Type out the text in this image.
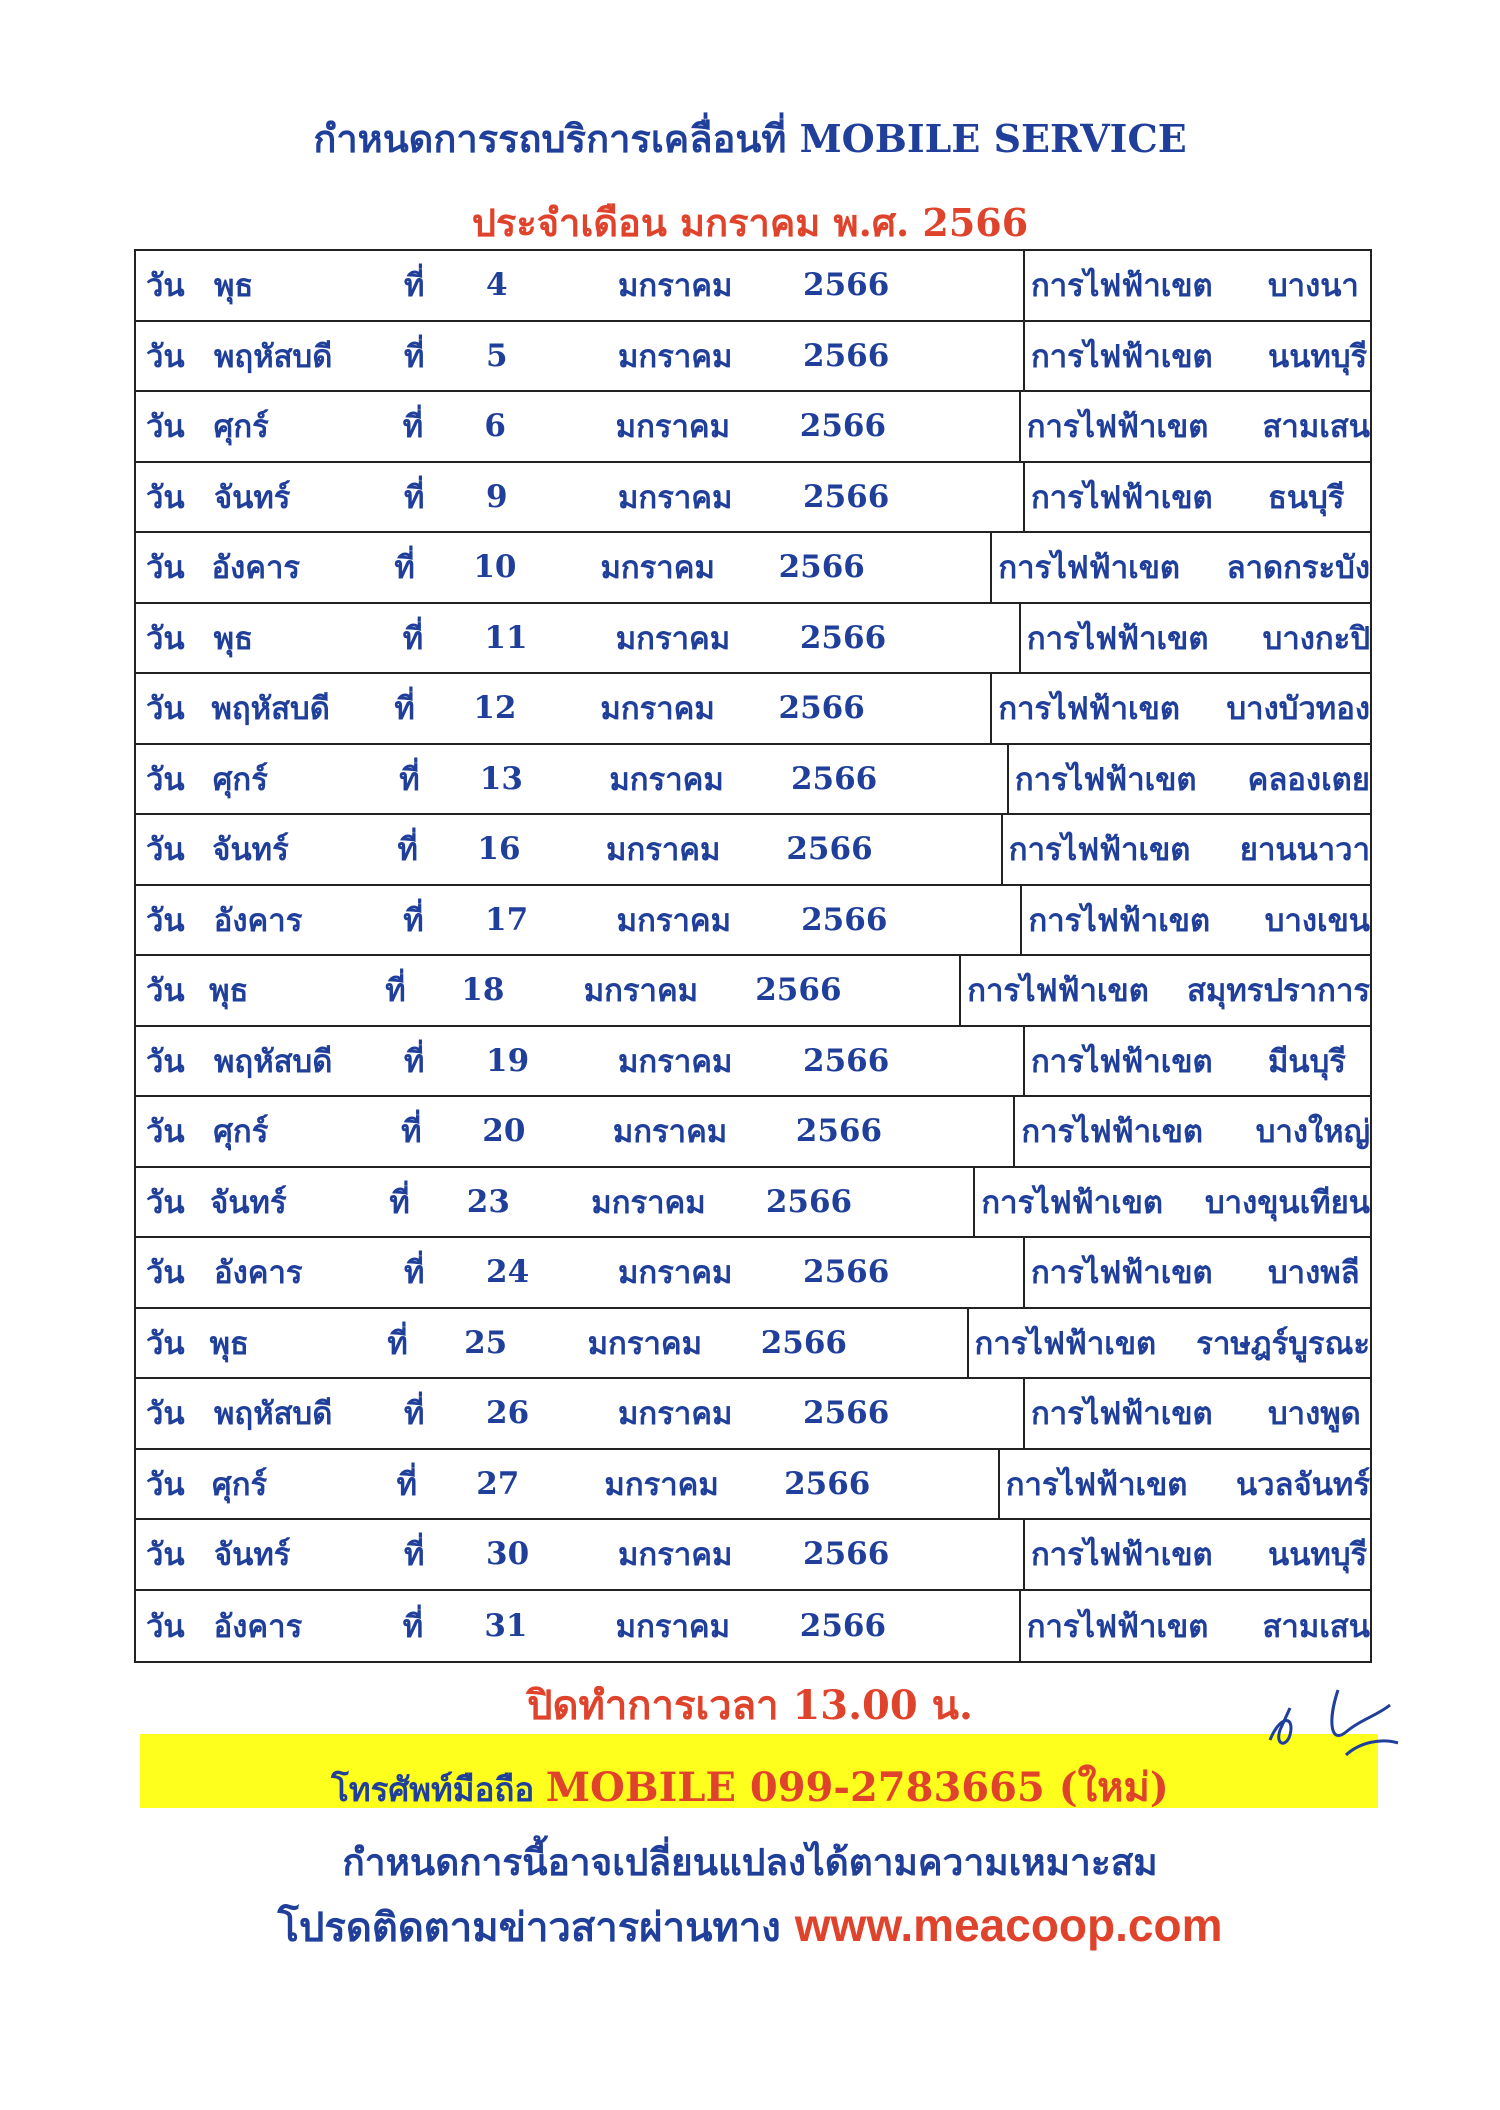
กำหนดการรถบริการเคลื่อนที่ MOBILE SERVICE
ประจำเดือน มกราคม พ.ศ. 2566
วัน พุธ	ที่	4	มกราคม	2566	การไฟฟ้าเขต	บางนา
วัน พฤหัสบดี	ที่	5	มกราคม	2566	การไฟฟ้าเขต	นนทบุรี
วัน ศุกร์	ที่	6	มกราคม	2566	การไฟฟ้าเขต	สามเสน
วัน จันทร์	ที่	9	มกราคม	2566	การไฟฟ้าเขต	ธนบุรี
วัน อังคาร	ที่	10	มกราคม	2566	การไฟฟ้าเขต	ลาดกระบัง
วัน พุธ	ที่	11	มกราคม	2566	การไฟฟ้าเขต	บางกะปิ
วัน พฤหัสบดี	ที่	12	มกราคม	2566	การไฟฟ้าเขต	บางบัวทอง
วัน ศุกร์	ที่	13	มกราคม	2566	การไฟฟ้าเขต	คลองเตย
วัน จันทร์	ที่	16	มกราคม	2566	การไฟฟ้าเขต	ยานนาวา
วัน อังคาร	ที่	17	มกราคม	2566	การไฟฟ้าเขต	บางเขน
วัน พุธ	ที่	18	มกราคม	2566	การไฟฟ้าเขต	สมุทรปราการ
วัน พฤหัสบดี	ที่	19	มกราคม	2566	การไฟฟ้าเขต	มีนบุรี
วัน ศุกร์	ที่	20	มกราคม	2566	การไฟฟ้าเขต	บางใหญ่
วัน จันทร์	ที่	23	มกราคม	2566	การไฟฟ้าเขต	บางขุนเทียน
วัน อังคาร	ที่	24	มกราคม	2566	การไฟฟ้าเขต	บางพลี
วัน พุธ	ที่	25	มกราคม	2566	การไฟฟ้าเขต	ราษฎร์บูรณะ
วัน พฤหัสบดี	ที่	26	มกราคม	2566	การไฟฟ้าเขต	บางพูด
วัน ศุกร์	ที่	27	มกราคม	2566	การไฟฟ้าเขต	นวลจันทร์
วัน จันทร์	ที่	30	มกราคม	2566	การไฟฟ้าเขต	นนทบุรี
วัน อังคาร	ที่	31	มกราคม	2566	การไฟฟ้าเขต	สามเสน
ปิดทำการเวลา 13.00 น.
โทรศัพท์มือถือ MOBILE 099-2783665 (ใหม่)
กำหนดการนี้อาจเปลี่ยนแปลงได้ตามความเหมาะสม
โปรดติดตามข่าวสารผ่านทาง www.meacoop.com
